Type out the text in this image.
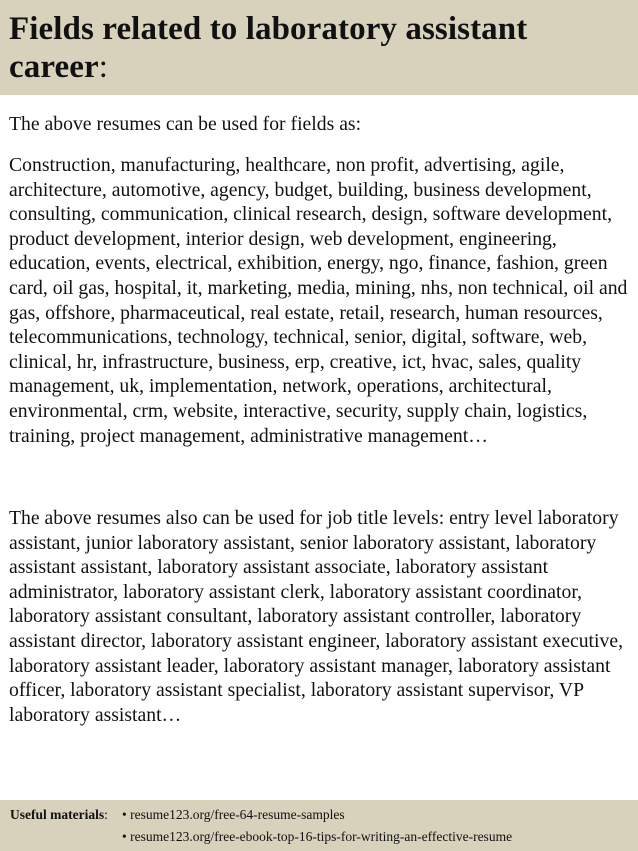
Fields related to laboratory assistant career:

The above resumes can be used for fields as:

Construction, manufacturing, healthcare, non profit, advertising, agile, architecture, automotive, agency, budget, building, business development, consulting, communication, clinical research, design, software development, product development, interior design, web development, engineering, education, events, electrical, exhibition, energy, ngo, finance, fashion, green card, oil gas, hospital, it, marketing, media, mining, nhs, non technical, oil and gas, offshore, pharmaceutical, real estate, retail, research, human resources, telecommunications, technology, technical, senior, digital, software, web, clinical, hr, infrastructure, business, erp, creative, ict, hvac, sales, quality management, uk, implementation, network, operations, architectural, environmental, crm, website, interactive, security, supply chain, logistics, training, project management, administrative management…

The above resumes also can be used for job title levels: entry level laboratory assistant, junior laboratory assistant, senior laboratory assistant, laboratory assistant assistant, laboratory assistant associate, laboratory assistant administrator, laboratory assistant clerk, laboratory assistant coordinator, laboratory assistant consultant, laboratory assistant controller, laboratory assistant director, laboratory assistant engineer, laboratory assistant executive, laboratory assistant leader, laboratory assistant manager, laboratory assistant officer, laboratory assistant specialist, laboratory assistant supervisor, VP laboratory assistant…

Useful materials: • resume123.org/free-64-resume-samples
• resume123.org/free-ebook-top-16-tips-for-writing-an-effective-resume
